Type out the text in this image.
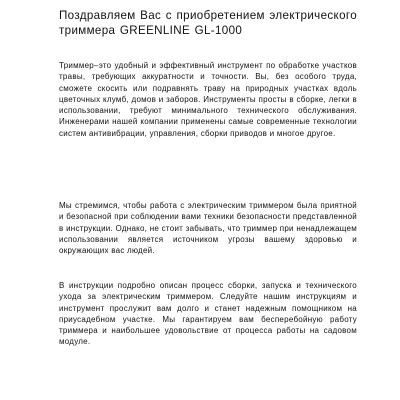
Поздравляем Вас с приобретением электрического триммера GREENLINE GL-1000

Триммер–это удобный и эффективный инструмент по обработке участков травы, требующих аккуратности и точности. Вы, без особого труда, сможете скосить или подравнять траву на природных участках вдоль цветочных клумб, домов и заборов. Инструменты просты в сборке, легки в использовании, требуют минимального технического обслуживания. Инженерами нашей компании применены самые современные технологии систем антивибрации, управления, сборки приводов и многое другое.

Мы стремимся, чтобы работа с электрическим триммером была приятной и безопасной при соблюдении вами техники безопасности представленной в инструкции. Однако, не стоит забывать, что триммер при ненадлежащем использовании является источником угрозы вашему здоровью и окружающих вас людей.

В инструкции подробно описан процесс сборки, запуска и технического ухода за электрическим триммером. Следуйте нашим инструкциям и инструмент прослужит вам долго и станет надежным помощником на приусадебном участке. Мы гарантируем вам бесперебойную работу триммера и наибольшее удовольствие от процесса работы на садовом модуле.
